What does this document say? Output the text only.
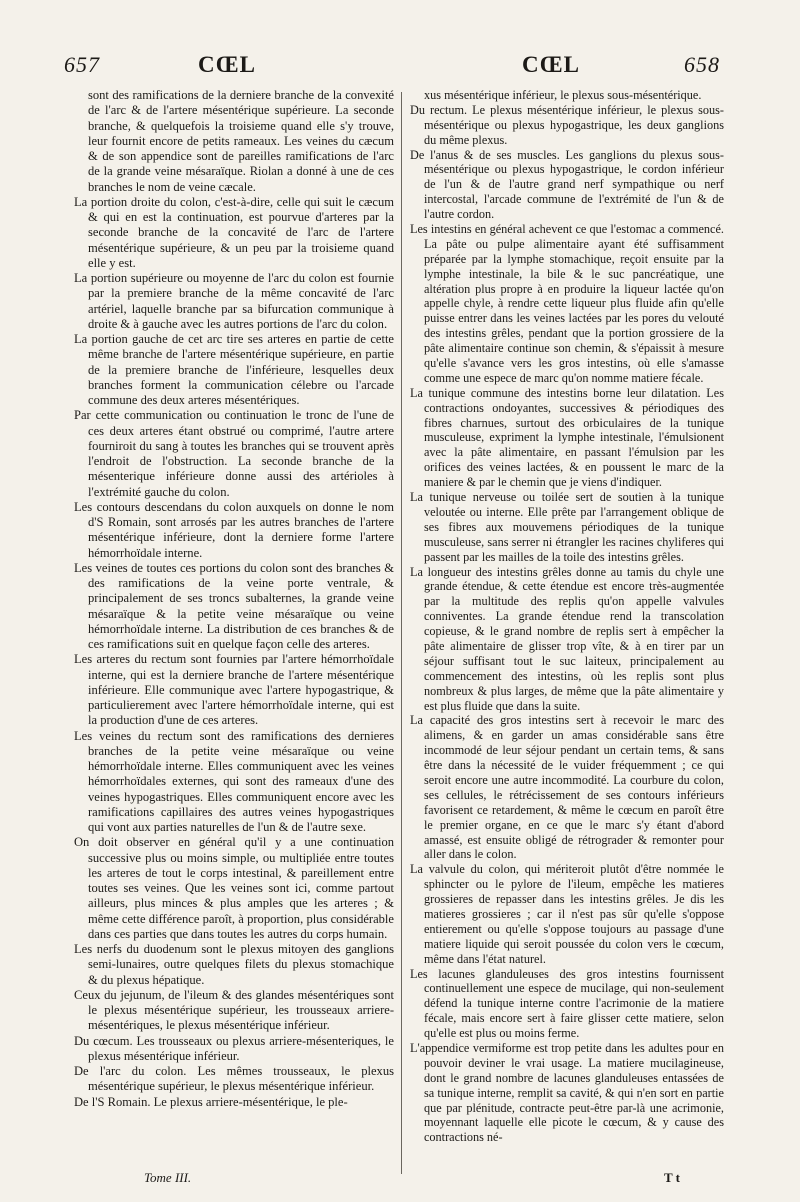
657	CŒL	CŒL	658

sont des ramifications de la derniere branche de la convexité de l'arc & de l'artere mésentérique supérieure. La seconde branche, & quelquefois la troisieme quand elle s'y trouve, leur fournit encore de petits rameaux. Les veines du cæcum & de son appendice sont de pareilles ramifications de l'arc de la grande veine mésaraïque. Riolan a donné à une de ces branches le nom de veine cæcale.

La portion droite du colon, c'est-à-dire, celle qui suit le cæcum & qui en est la continuation, est pourvue d'arteres par la seconde branche de la concavité de l'arc de l'artere mésentérique supérieure, & un peu par la troisieme quand elle y est.

La portion supérieure ou moyenne de l'arc du colon est fournie par la premiere branche de la même concavité de l'arc artériel, laquelle branche par sa bifurcation communique à droite & à gauche avec les autres portions de l'arc du colon.

La portion gauche de cet arc tire ses arteres en partie de cette même branche de l'artere mésentérique supérieure, en partie de la premiere branche de l'inférieure, lesquelles deux branches forment la communication célebre ou l'arcade commune des deux arteres mésentériques.

Par cette communication ou continuation le tronc de l'une de ces deux arteres étant obstrué ou comprimé, l'autre artere fourniroit du sang à toutes les branches qui se trouvent après l'endroit de l'obstruction. La seconde branche de la mésenterique inférieure donne aussi des artérioles à l'extrémité gauche du colon.

Les contours descendans du colon auxquels on donne le nom d'S Romain, sont arrosés par les autres branches de l'artere mésentérique inférieure, dont la derniere forme l'artere hémorrhoïdale interne.

Les veines de toutes ces portions du colon sont des branches & des ramifications de la veine porte ventrale, & principalement de ses troncs subalternes, la grande veine mésaraïque & la petite veine mésaraïque ou veine hémorrhoïdale interne. La distribution de ces branches & de ces ramifications suit en quelque façon celle des arteres.

Les arteres du rectum sont fournies par l'artere hémorrhoïdale interne, qui est la derniere branche de l'artere mésentérique inférieure. Elle communique avec l'artere hypogastrique, & particulierement avec l'artere hémorrhoïdale interne, qui est la production d'une de ces arteres.

Les veines du rectum sont des ramifications des dernieres branches de la petite veine mésaraïque ou veine hémorrhoïdale interne. Elles communiquent avec les veines hémorrhoïdales externes, qui sont des rameaux d'une des veines hypogastriques. Elles communiquent encore avec les ramifications capillaires des autres veines hypogastriques qui vont aux parties naturelles de l'un & de l'autre sexe.

On doit observer en général qu'il y a une continuation successive plus ou moins simple, ou multipliée entre toutes les arteres de tout le corps intestinal, & pareillement entre toutes ses veines. Que les veines sont ici, comme partout ailleurs, plus minces & plus amples que les arteres ; & même cette différence paroît, à proportion, plus considérable dans ces parties que dans toutes les autres du corps humain.

Les nerfs du duodenum sont le plexus mitoyen des ganglions semi-lunaires, outre quelques filets du plexus stomachique & du plexus hépatique.

Ceux du jejunum, de l'ileum & des glandes mésentériques sont le plexus mésentérique supérieur, les trousseaux arriere-mésentériques, le plexus mésentérique inférieur.

Du cœcum. Les trousseaux ou plexus arriere-mésenteriques, le plexus mésentérique inférieur.

De l'arc du colon. Les mêmes trousseaux, le plexus mésentérique supérieur, le plexus mésentérique inférieur.

De l'S Romain. Le plexus arriere-mésentérique, le ple-

xus mésentérique inférieur, le plexus sous-mésentérique.

Du rectum. Le plexus mésentérique inférieur, le plexus sous-mésentérique ou plexus hypogastrique, les deux ganglions du même plexus.

De l'anus & de ses muscles. Les ganglions du plexus sous-mésentérique ou plexus hypogastrique, le cordon inférieur de l'un & de l'autre grand nerf sympathique ou nerf intercostal, l'arcade commune de l'extrémité de l'un & de l'autre cordon.

Les intestins en général achevent ce que l'estomac a commencé. La pâte ou pulpe alimentaire ayant été suffisamment préparée par la lymphe stomachique, reçoit ensuite par la lymphe intestinale, la bile & le suc pancréatique, une altération plus propre à en produire la liqueur lactée qu'on appelle chyle, à rendre cette liqueur plus fluide afin qu'elle puisse entrer dans les veines lactées par les pores du velouté des intestins grêles, pendant que la portion grossiere de la pâte alimentaire continue son chemin, & s'épaissit à mesure qu'elle s'avance vers les gros intestins, où elle s'amasse comme une espece de marc qu'on nomme matiere fécale.

La tunique commune des intestins borne leur dilatation. Les contractions ondoyantes, successives & périodiques des fibres charnues, surtout des orbiculaires de la tunique musculeuse, expriment la lymphe intestinale, l'émulsionent avec la pâte alimentaire, en passant l'émulsion par les orifices des veines lactées, & en poussent le marc de la maniere & par le chemin que je viens d'indiquer.

La tunique nerveuse ou toilée sert de soutien à la tunique veloutée ou interne. Elle prête par l'arrangement oblique de ses fibres aux mouvemens périodiques de la tunique musculeuse, sans serrer ni étrangler les racines chyliferes qui passent par les mailles de la toile des intestins grêles.

La longueur des intestins grêles donne au tamis du chyle une grande étendue, & cette étendue est encore très-augmentée par la multitude des replis qu'on appelle valvules conniventes. La grande étendue rend la transcolation copieuse, & le grand nombre de replis sert à empêcher la pâte alimentaire de glisser trop vîte, & à en tirer par un séjour suffisant tout le suc laiteux, principalement au commencement des intestins, où les replis sont plus nombreux & plus larges, de même que la pâte alimentaire y est plus fluide que dans la suite.

La capacité des gros intestins sert à recevoir le marc des alimens, & en garder un amas considérable sans être incommodé de leur séjour pendant un certain tems, & sans être dans la nécessité de le vuider fréquemment ; ce qui seroit encore une autre incommodité. La courbure du colon, ses cellules, le rétrécissement de ses contours inférieurs favorisent ce retardement, & même le cœcum en paroît être le premier organe, en ce que le marc s'y étant d'abord amassé, est ensuite obligé de rétrograder & remonter pour aller dans le colon.

La valvule du colon, qui mériteroit plutôt d'être nommée le sphincter ou le pylore de l'ileum, empêche les matieres grossieres de repasser dans les intestins grêles. Je dis les matieres grossieres ; car il n'est pas sûr qu'elle s'oppose entierement ou qu'elle s'oppose toujours au passage d'une matiere liquide qui seroit poussée du colon vers le cœcum, même dans l'état naturel.

Les lacunes glanduleuses des gros intestins fournissent continuellement une espece de mucilage, qui non-seulement défend la tunique interne contre l'acrimonie de la matiere fécale, mais encore sert à faire glisser cette matiere, selon qu'elle est plus ou moins ferme.

L'appendice vermiforme est trop petite dans les adultes pour en pouvoir deviner le vrai usage. La matiere mucilagineuse, dont le grand nombre de lacunes glanduleuses entassées de sa tunique interne, remplit sa cavité, & qui n'en sort en partie que par plénitude, contracte peut-être par-là une acrimonie, moyennant laquelle elle picote le cœcum, & y cause des contractions né-

Tome III.	T t
